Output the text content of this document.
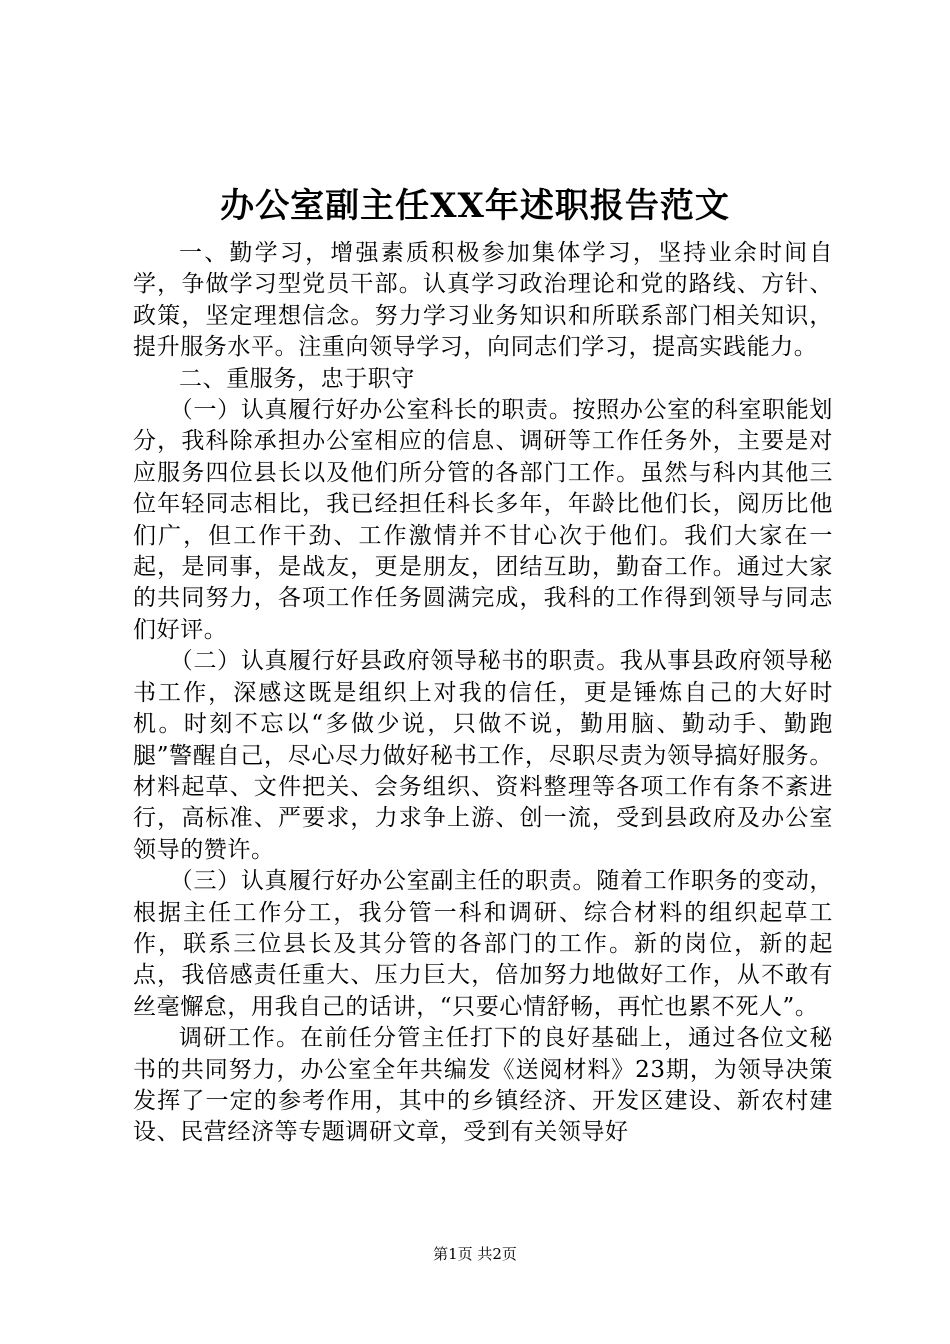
办公室副主任XX年述职报告范文

一、勤学习，增强素质积极参加集体学习，坚持业余时间自学，争做学习型党员干部。认真学习政治理论和党的路线、方针、政策，坚定理想信念。努力学习业务知识和所联系部门相关知识，提升服务水平。注重向领导学习，向同志们学习，提高实践能力。

二、重服务，忠于职守

（一）认真履行好办公室科长的职责。按照办公室的科室职能划分，我科除承担办公室相应的信息、调研等工作任务外，主要是对应服务四位县长以及他们所分管的各部门工作。虽然与科内其他三位年轻同志相比，我已经担任科长多年，年龄比他们长，阅历比他们广，但工作干劲、工作激情并不甘心次于他们。我们大家在一起，是同事，是战友，更是朋友，团结互助，勤奋工作。通过大家的共同努力，各项工作任务圆满完成，我科的工作得到领导与同志们好评。

（二）认真履行好县政府领导秘书的职责。我从事县政府领导秘书工作，深感这既是组织上对我的信任，更是锤炼自己的大好时机。时刻不忘以“多做少说，只做不说，勤用脑、勤动手、勤跑腿”警醒自己，尽心尽力做好秘书工作，尽职尽责为领导搞好服务。材料起草、文件把关、会务组织、资料整理等各项工作有条不紊进行，高标准、严要求，力求争上游、创一流，受到县政府及办公室领导的赞许。

（三）认真履行好办公室副主任的职责。随着工作职务的变动，根据主任工作分工，我分管一科和调研、综合材料的组织起草工作，联系三位县长及其分管的各部门的工作。新的岗位，新的起点，我倍感责任重大、压力巨大，倍加努力地做好工作，从不敢有丝毫懈怠，用我自己的话讲，“只要心情舒畅，再忙也累不死人”。

调研工作。在前任分管主任打下的良好基础上，通过各位文秘书的共同努力，办公室全年共编发《送阅材料》23期，为领导决策发挥了一定的参考作用，其中的乡镇经济、开发区建设、新农村建设、民营经济等专题调研文章，受到有关领导好

第1页 共2页
